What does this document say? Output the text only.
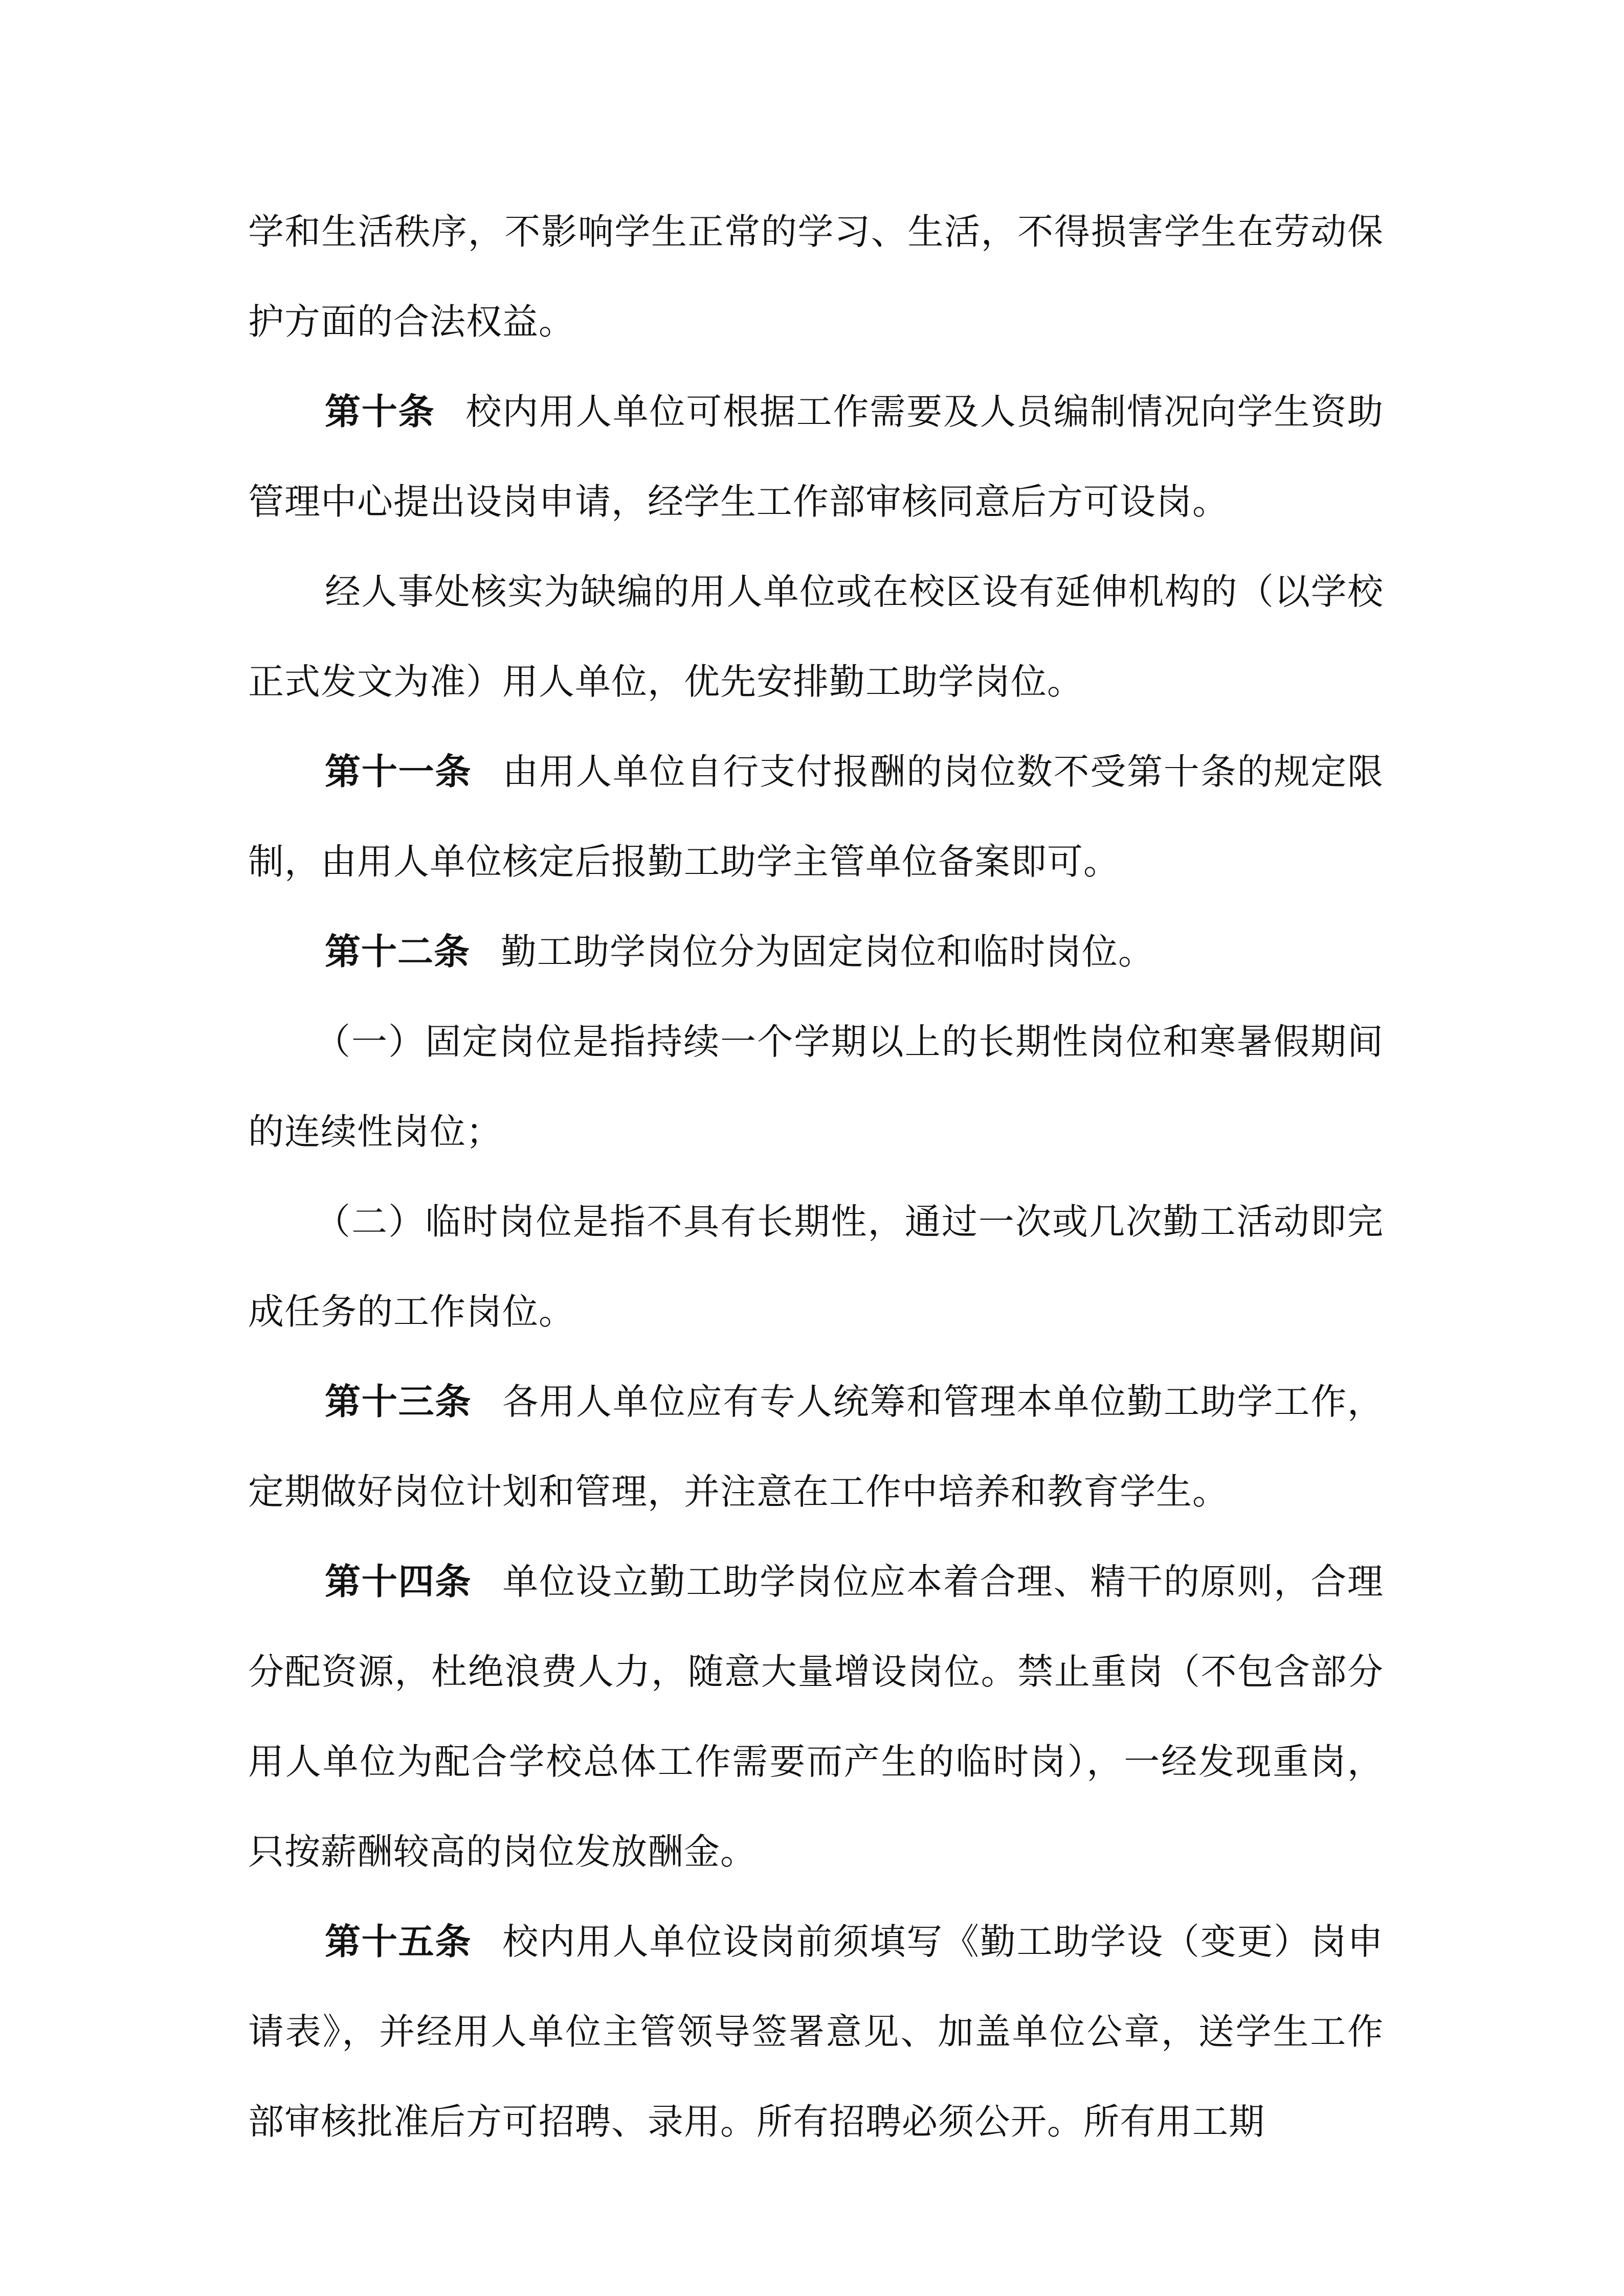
学和生活秩序，不影响学生正常的学习、生活，不得损害学生在劳动保护方面的合法权益。

第十条 校内用人单位可根据工作需要及人员编制情况向学生资助管理中心提出设岗申请，经学生工作部审核同意后方可设岗。

经人事处核实为缺编的用人单位或在校区设有延伸机构的（以学校正式发文为准）用人单位，优先安排勤工助学岗位。

第十一条 由用人单位自行支付报酬的岗位数不受第十条的规定限制，由用人单位核定后报勤工助学主管单位备案即可。

第十二条 勤工助学岗位分为固定岗位和临时岗位。

（一）固定岗位是指持续一个学期以上的长期性岗位和寒暑假期间的连续性岗位；

（二）临时岗位是指不具有长期性，通过一次或几次勤工活动即完成任务的工作岗位。

第十三条 各用人单位应有专人统筹和管理本单位勤工助学工作，定期做好岗位计划和管理，并注意在工作中培养和教育学生。

第十四条 单位设立勤工助学岗位应本着合理、精干的原则，合理分配资源，杜绝浪费人力，随意大量增设岗位。禁止重岗（不包含部分用人单位为配合学校总体工作需要而产生的临时岗），一经发现重岗，只按薪酬较高的岗位发放酬金。

第十五条 校内用人单位设岗前须填写《勤工助学设（变更）岗申请表》，并经用人单位主管领导签署意见、加盖单位公章，送学生工作部审核批准后方可招聘、录用。所有招聘必须公开。所有用工期
